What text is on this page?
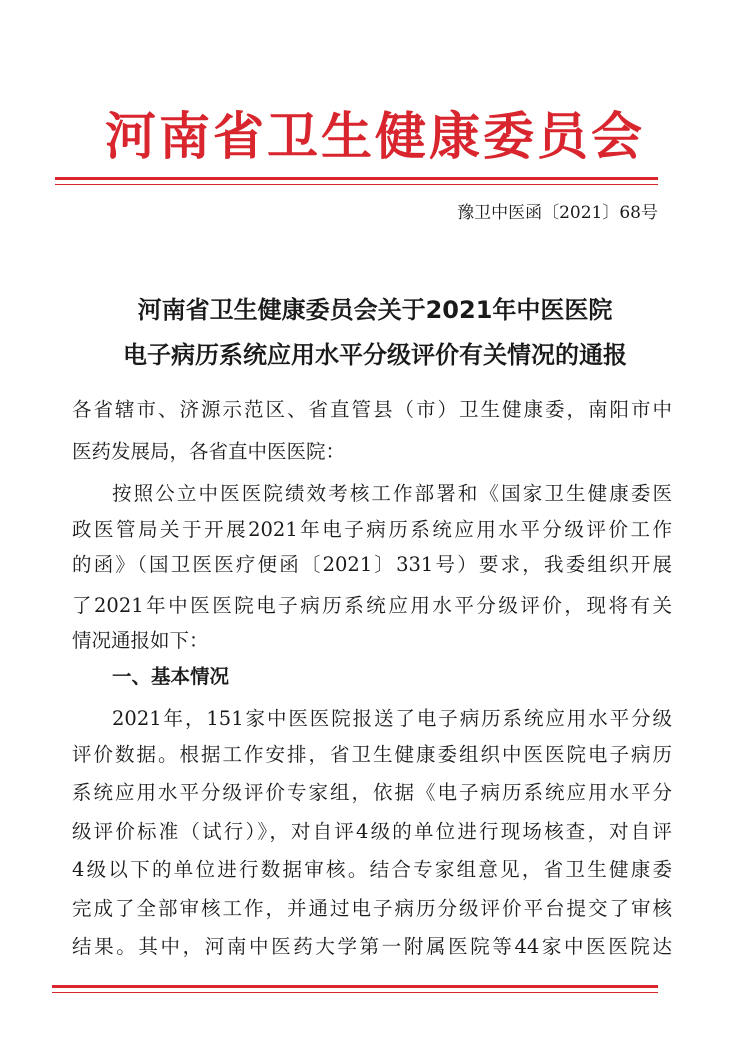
河南省卫生健康委员会
豫卫中医函〔2021〕68号
河南省卫生健康委员会关于2021年中医医院
电子病历系统应用水平分级评价有关情况的通报
各省辖市、济源示范区、省直管县（市）卫生健康委，南阳市中
医药发展局，各省直中医医院：
按照公立中医医院绩效考核工作部署和《国家卫生健康委医
政医管局关于开展2021年电子病历系统应用水平分级评价工作
的函》（国卫医医疗便函〔2021〕331号）要求，我委组织开展
了2021年中医医院电子病历系统应用水平分级评价，现将有关
情况通报如下：
一、基本情况
2021年，151家中医医院报送了电子病历系统应用水平分级
评价数据。根据工作安排，省卫生健康委组织中医医院电子病历
系统应用水平分级评价专家组，依据《电子病历系统应用水平分
级评价标准（试行）》，对自评4级的单位进行现场核查，对自评
4级以下的单位进行数据审核。结合专家组意见，省卫生健康委
完成了全部审核工作，并通过电子病历分级评价平台提交了审核
结果。其中，河南中医药大学第一附属医院等44家中医医院达
